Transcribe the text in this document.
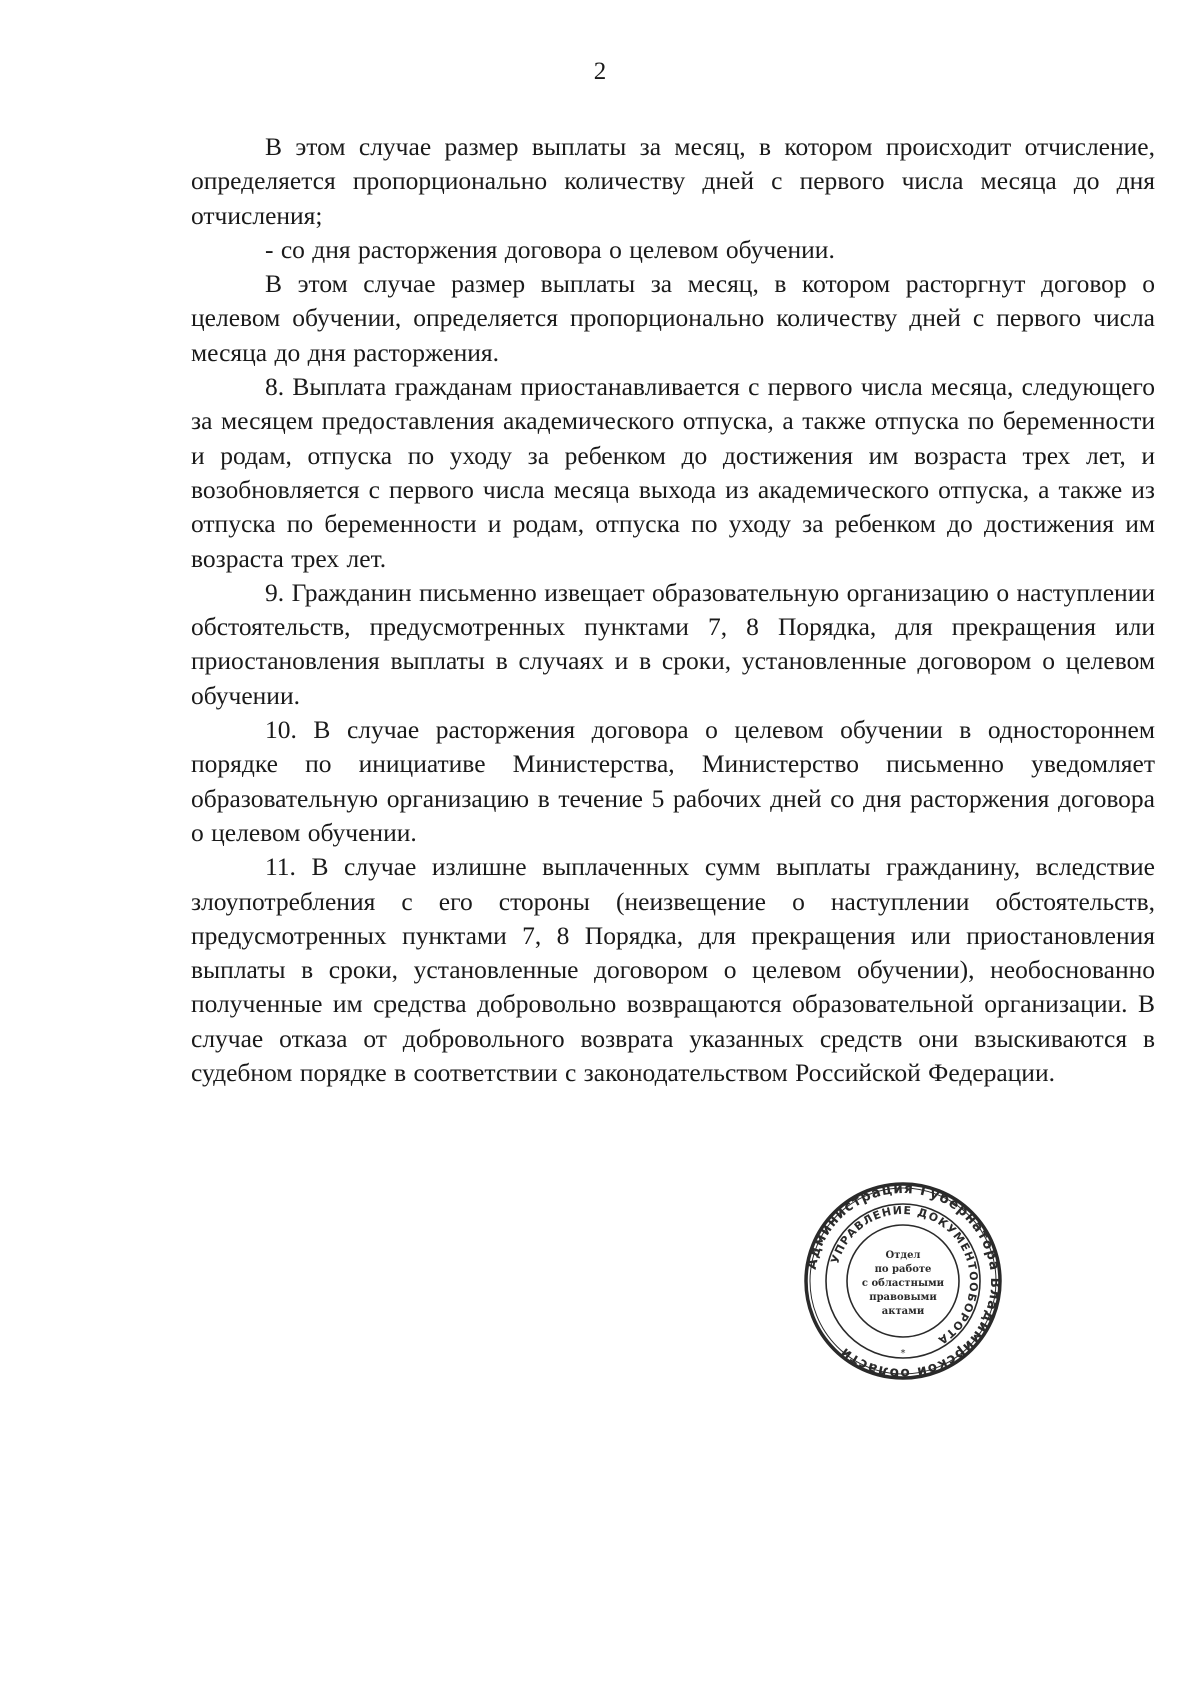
2

В этом случае размер выплаты за месяц, в котором происходит отчисление, определяется пропорционально количеству дней с первого числа месяца до дня отчисления;

- со дня расторжения договора о целевом обучении.

В этом случае размер выплаты за месяц, в котором расторгнут договор о целевом обучении, определяется пропорционально количеству дней с первого числа месяца до дня расторжения.

8. Выплата гражданам приостанавливается с первого числа месяца, следующего за месяцем предоставления академического отпуска, а также отпуска по беременности и родам, отпуска по уходу за ребенком до достижения им возраста трех лет, и возобновляется с первого числа месяца выхода из академического отпуска, а также из отпуска по беременности и родам, отпуска по уходу за ребенком до достижения им возраста трех лет.

9. Гражданин письменно извещает образовательную организацию о наступлении обстоятельств, предусмотренных пунктами 7, 8 Порядка, для прекращения или приостановления выплаты в случаях и в сроки, установленные договором о целевом обучении.

10. В случае расторжения договора о целевом обучении в одностороннем порядке по инициативе Министерства, Министерство письменно уведомляет образовательную организацию в течение 5 рабочих дней со дня расторжения договора о целевом обучении.

11. В случае излишне выплаченных сумм выплаты гражданину, вследствие злоупотребления с его стороны (неизвещение о наступлении обстоятельств, предусмотренных пунктами 7, 8 Порядка, для прекращения или приостановления выплаты в сроки, установленные договором о целевом обучении), необоснованно полученные им средства добровольно возвращаются образовательной организации. В случае отказа от добровольного возврата указанных средств они взыскиваются в судебном порядке в соответствии с законодательством Российской Федерации.

Администрация Губернатора Владимирской области
УПРАВЛЕНИЕ ДОКУМЕНТООБОРОТА
*
Отдел
по работе
с областными
правовыми
актами
